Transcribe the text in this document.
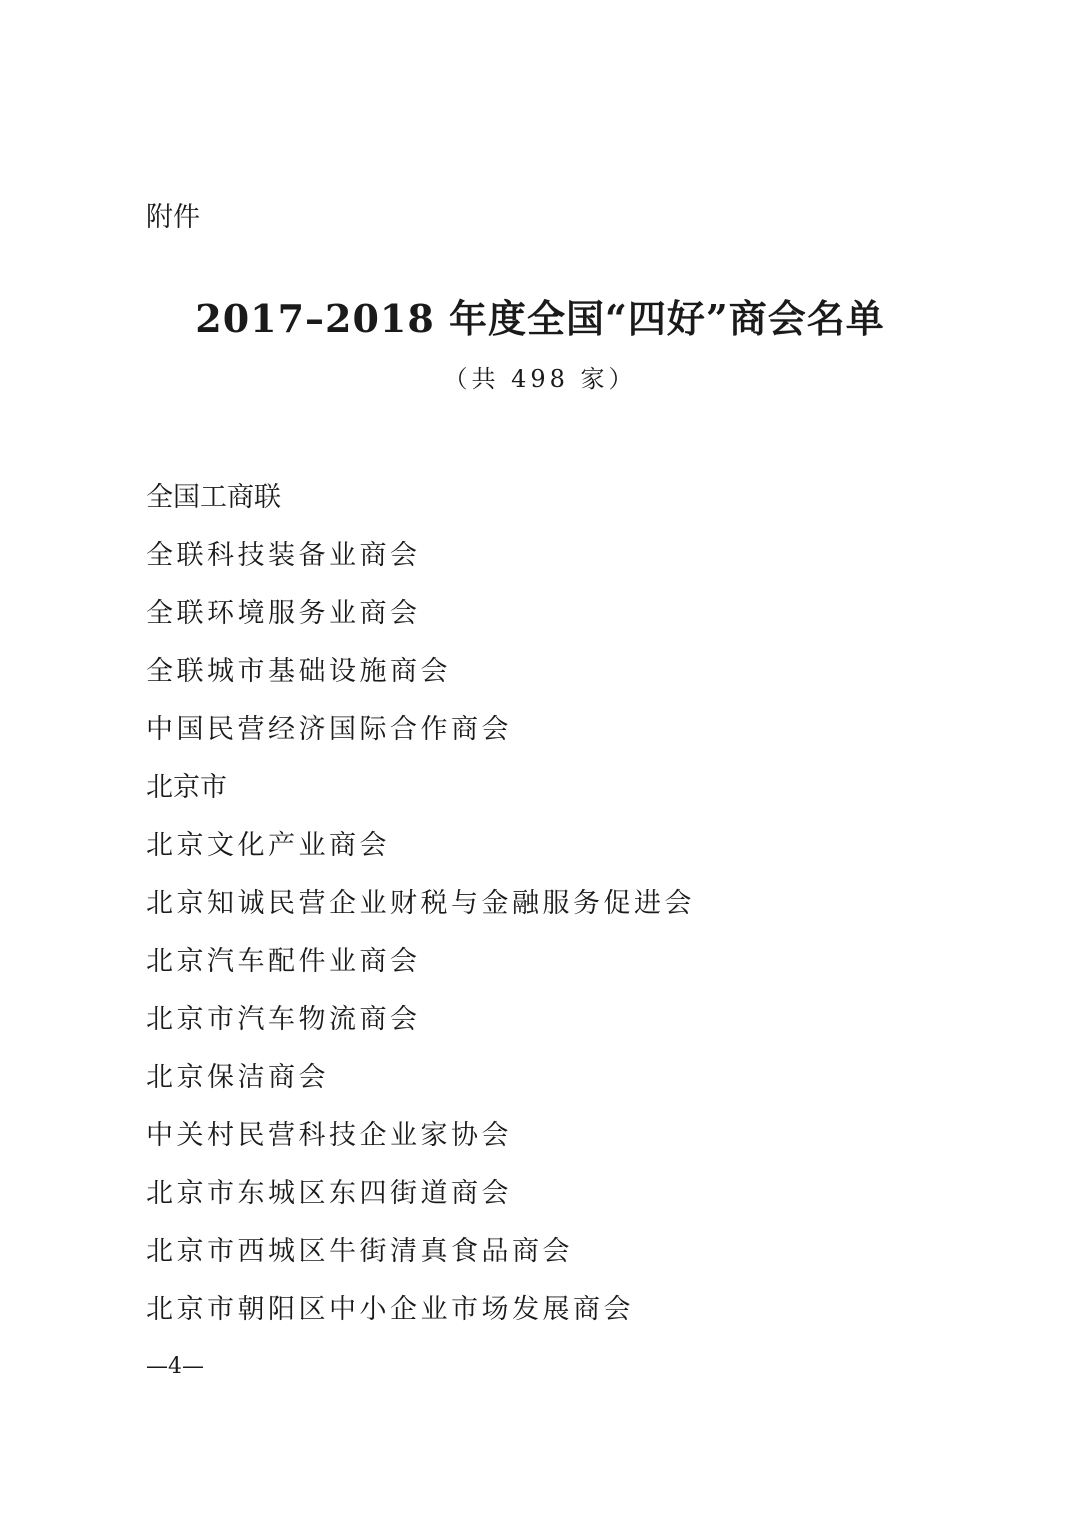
附件
2017–2018 年度全国“四好”商会名单
（共 498 家）
全国工商联
全联科技装备业商会
全联环境服务业商会
全联城市基础设施商会
中国民营经济国际合作商会
北京市
北京文化产业商会
北京知诚民营企业财税与金融服务促进会
北京汽车配件业商会
北京市汽车物流商会
北京保洁商会
中关村民营科技企业家协会
北京市东城区东四街道商会
北京市西城区牛街清真食品商会
北京市朝阳区中小企业市场发展商会
—4—
